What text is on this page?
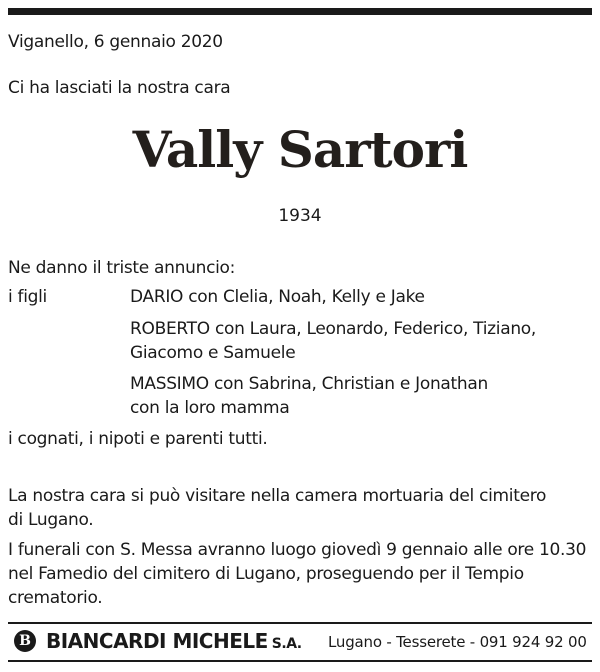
Viganello, 6 gennaio 2020
Ci ha lasciati la nostra cara
Vally Sartori
1934
Ne danno il triste annuncio:
i figli	DARIO con Clelia, Noah, Kelly e Jake
ROBERTO con Laura, Leonardo, Federico, Tiziano,
Giacomo e Samuele
MASSIMO con Sabrina, Christian e Jonathan
con la loro mamma
i cognati, i nipoti e parenti tutti.
La nostra cara si può visitare nella camera mortuaria del cimitero
di Lugano.
I funerali con S. Messa avranno luogo giovedì 9 gennaio alle ore 10.30
nel Famedio del cimitero di Lugano, proseguendo per il Tempio
crematorio.
B BIANCARDI MICHELE S.A. Lugano - Tesserete - 091 924 92 00
